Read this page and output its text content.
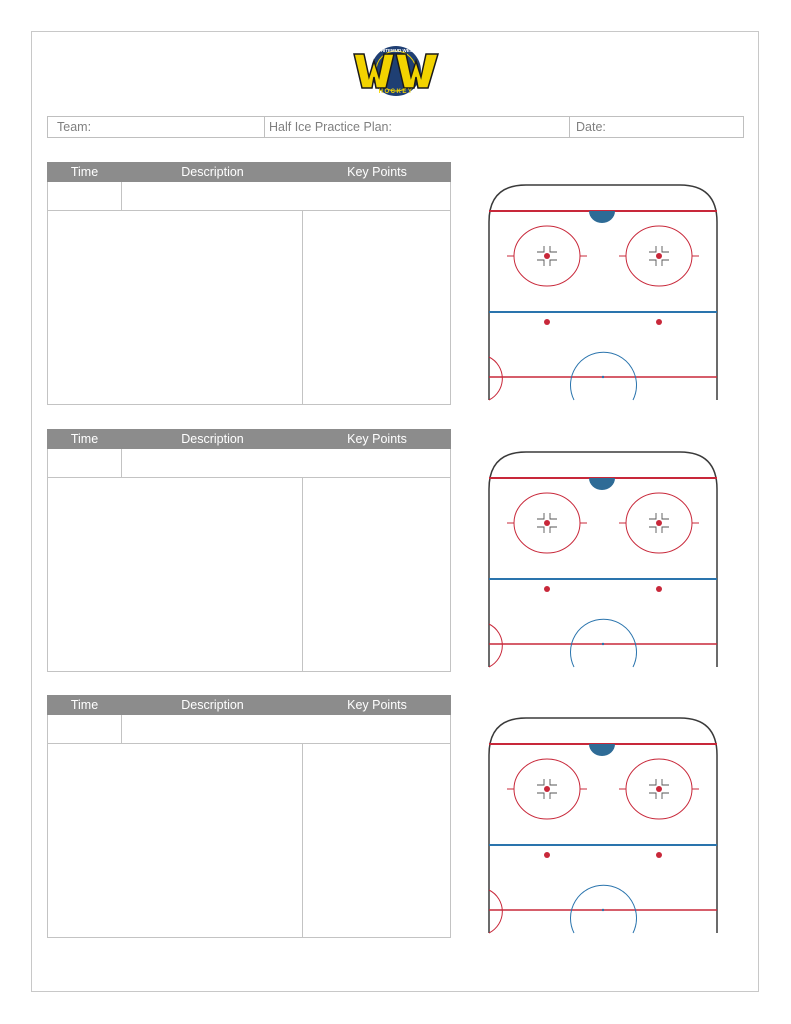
WHITEMUD WEST
HOCKEY
Team:	Half Ice Practice Plan:	Date:
Time	Description	Key Points
Time	Description	Key Points
Time	Description	Key Points
